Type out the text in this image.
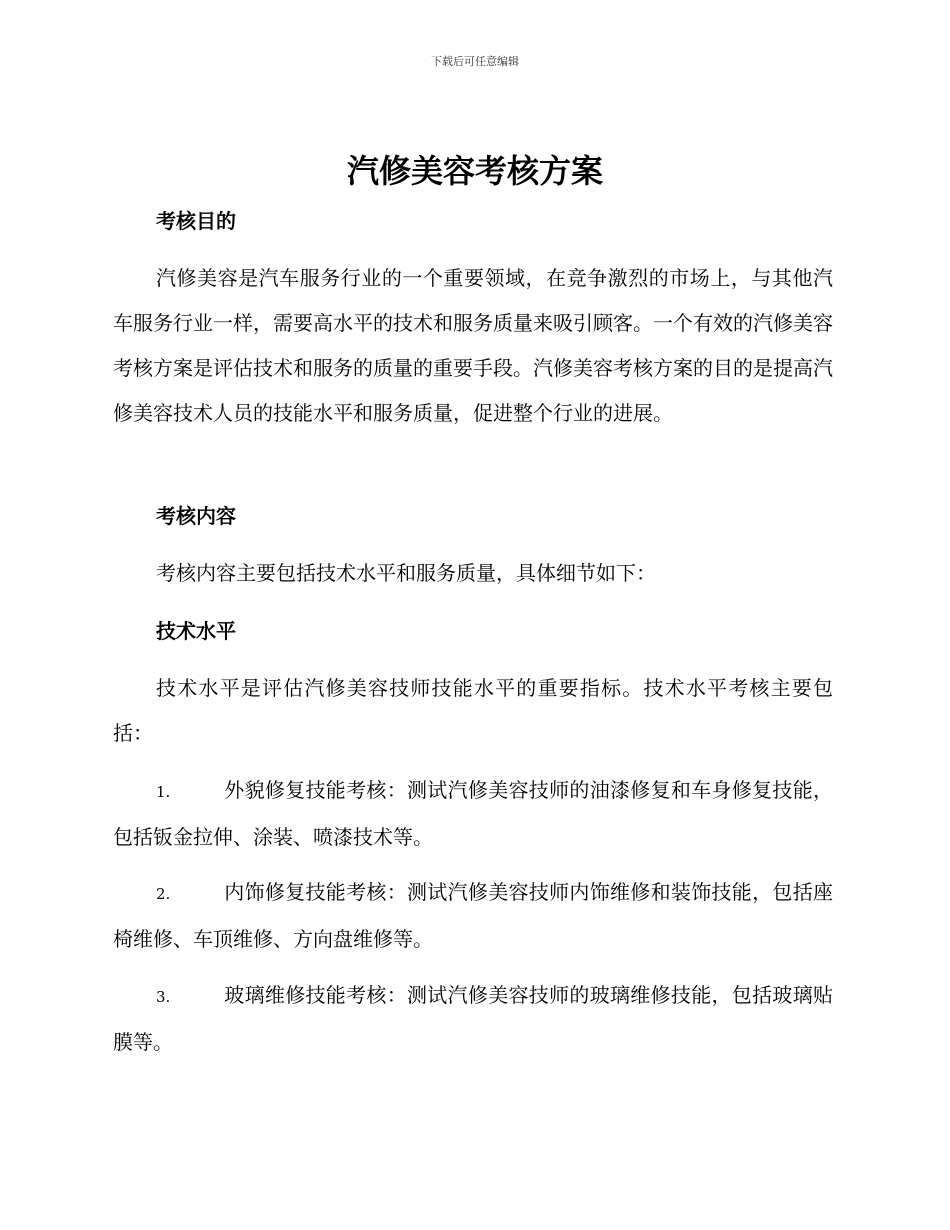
下载后可任意编辑
汽修美容考核方案
考核目的
汽修美容是汽车服务行业的一个重要领域，在竞争激烈的市场上，与其他汽车服务行业一样，需要高水平的技术和服务质量来吸引顾客。一个有效的汽修美容考核方案是评估技术和服务的质量的重要手段。汽修美容考核方案的目的是提高汽修美容技术人员的技能水平和服务质量，促进整个行业的进展。
考核内容
考核内容主要包括技术水平和服务质量，具体细节如下：
技术水平
技术水平是评估汽修美容技师技能水平的重要指标。技术水平考核主要包括：
1.	外貌修复技能考核：测试汽修美容技师的油漆修复和车身修复技能，包括钣金拉伸、涂装、喷漆技术等。
2.	内饰修复技能考核：测试汽修美容技师内饰维修和装饰技能，包括座椅维修、车顶维修、方向盘维修等。
3.	玻璃维修技能考核：测试汽修美容技师的玻璃维修技能，包括玻璃贴膜等。
